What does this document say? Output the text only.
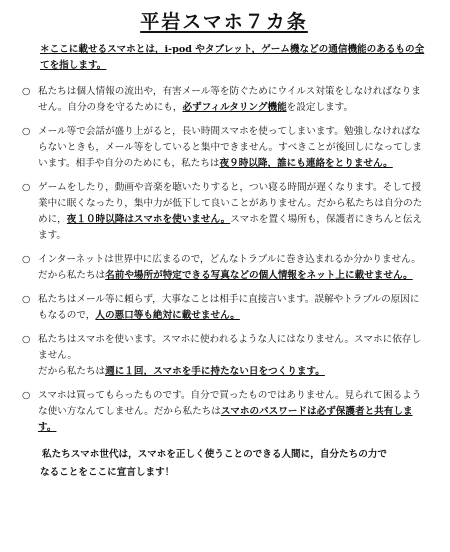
平岩スマホ７カ条
＊ここに載せるスマホとは，i-pod やタブレット，ゲーム機などの通信機能のあるもの全てを指します。
○ 私たちは個人情報の流出や，有害メール等を防ぐためにウイルス対策をしなければなりません。自分の身を守るためにも，必ずフィルタリング機能を設定します。
○ メール等で会話が盛り上がると，長い時間スマホを使ってしまいます。勉強しなければならないときも，メール等をしていると集中できません。すべきことが後回しになってしまいます。相手や自分のためにも，私たちは夜９時以降，誰にも連絡をとりません。
○ ゲームをしたり，動画や音楽を聴いたりすると，つい寝る時間が遅くなります。そして授業中に眠くなったり，集中力が低下して良いことがありません。だから私たちは自分のために，夜１０時以降はスマホを使いません。スマホを置く場所も，保護者にきちんと伝えます。
○ インターネットは世界中に広まるので，どんなトラブルに巻き込まれるか分かりません。だから私たちは名前や場所が特定できる写真などの個人情報をネット上に載せません。
○ 私たちはメール等に頼らず，大事なことは相手に直接言います。誤解やトラブルの原因にもなるので，人の悪口等も絶対に載せません。
○ 私たちはスマホを使います。スマホに使われるような人にはなりません。スマホに依存しません。
だから私たちは週に１回，スマホを手に持たない日をつくります。
○ スマホは買ってもらったものです。自分で買ったものではありません。見られて困るような使い方なんてしません。だから私たちはスマホのパスワードは必ず保護者と共有します。
私たちスマホ世代は，スマホを正しく使うことのできる人間に，自分たちの力で
なることをここに宣言します！
